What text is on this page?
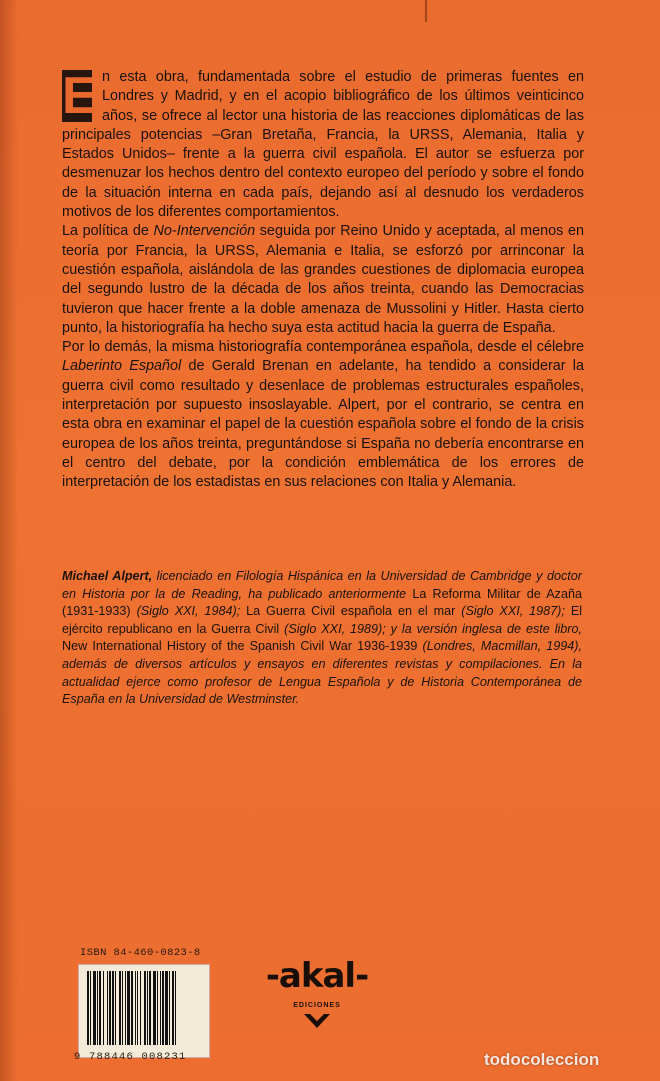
E n esta obra, fundamentada sobre el estudio de primeras fuentes en Londres y Madrid, y en el acopio bibliográfico de los últimos veinticinco años, se ofrece al lector una historia de las reacciones diplomáticas de las principales potencias –Gran Bretaña, Francia, la URSS, Alemania, Italia y Estados Unidos– frente a la guerra civil española. El autor se esfuerza por desmenuzar los hechos dentro del contexto europeo del período y sobre el fondo de la situación interna en cada país, dejando así al desnudo los verdaderos motivos de los diferentes comportamientos.

La política de No-Intervención seguida por Reino Unido y aceptada, al menos en teoría por Francia, la URSS, Alemania e Italia, se esforzó por arrinconar la cuestión española, aislándola de las grandes cuestiones de diplomacia europea del segundo lustro de la década de los años treinta, cuando las Democracias tuvieron que hacer frente a la doble amenaza de Mussolini y Hitler. Hasta cierto punto, la historiografía ha hecho suya esta actitud hacia la guerra de España.

Por lo demás, la misma historiografía contemporánea española, desde el célebre Laberinto Español de Gerald Brenan en adelante, ha tendido a considerar la guerra civil como resultado y desenlace de problemas estructurales españoles, interpretación por supuesto insoslayable. Alpert, por el contrario, se centra en esta obra en examinar el papel de la cuestión española sobre el fondo de la crisis europea de los años treinta, preguntándose si España no debería encontrarse en el centro del debate, por la condición emblemática de los errores de interpretación de los estadistas en sus relaciones con Italia y Alemania.

Michael Alpert, licenciado en Filología Hispánica en la Universidad de Cambridge y doctor en Historia por la de Reading, ha publicado anteriormente La Reforma Militar de Azaña (1931-1933) (Siglo XXI, 1984); La Guerra Civil española en el mar (Siglo XXI, 1987); El ejército republicano en la Guerra Civil (Siglo XXI, 1989); y la versión inglesa de este libro, New International History of the Spanish Civil War 1936-1939 (Londres, Macmillan, 1994), además de diversos artículos y ensayos en diferentes revistas y compilaciones. En la actualidad ejerce como profesor de Lengua Española y de Historia Contemporánea de España en la Universidad de Westminster.
ISBN 84-460-0823-8
9 788446 008231
-akal-
EDICIONES
todocoleccion
